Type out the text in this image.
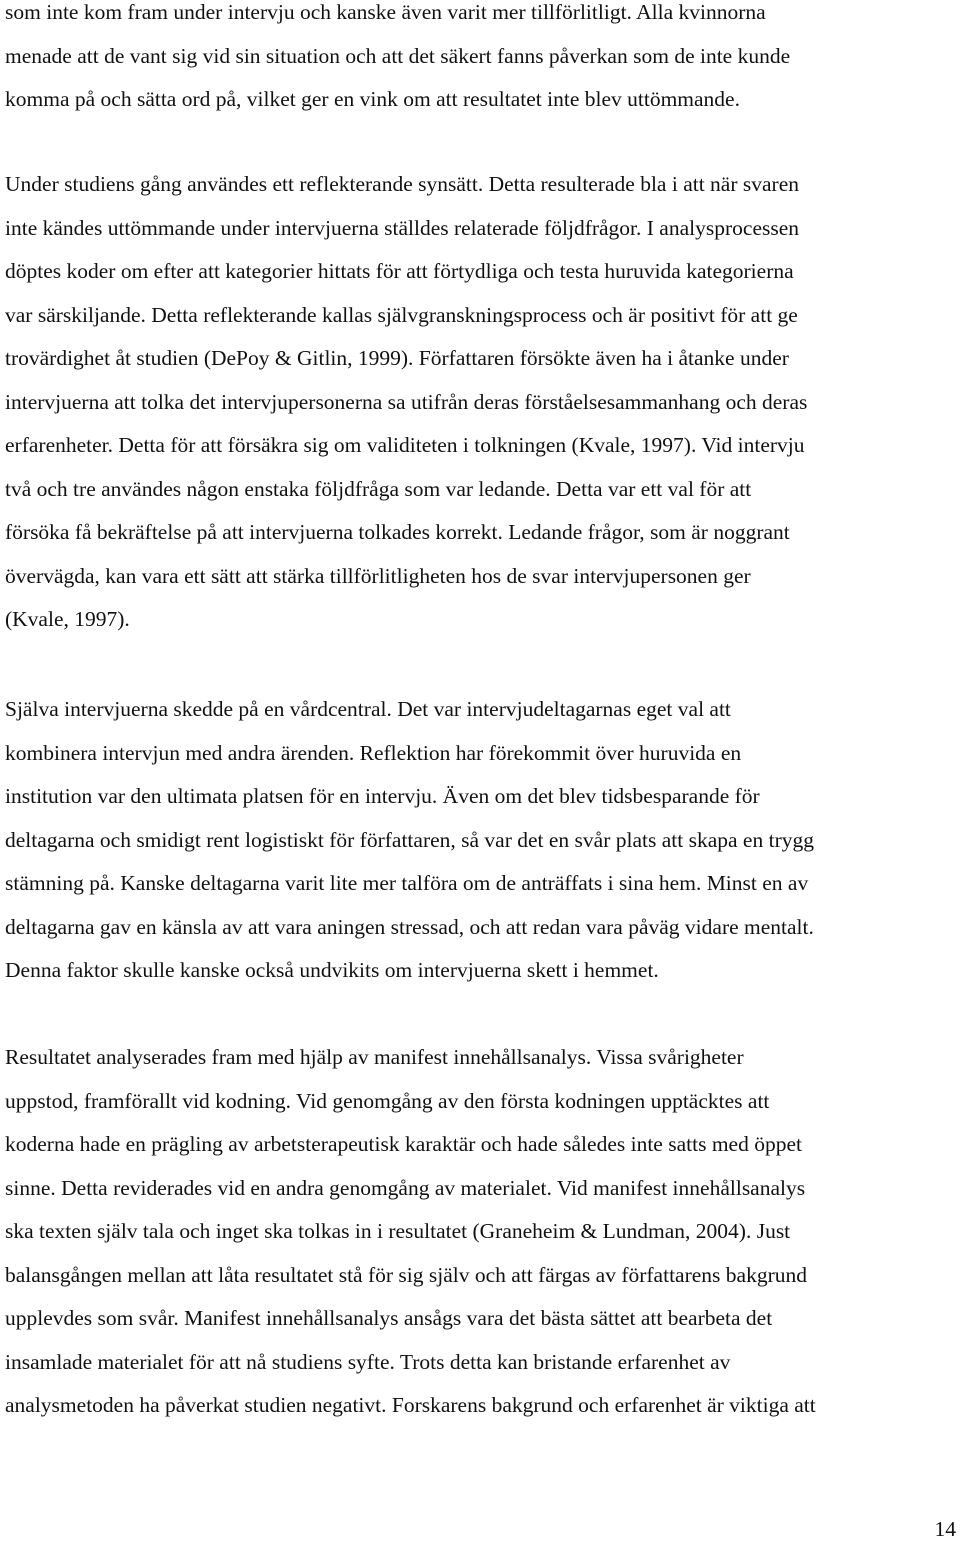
som inte kom fram under intervju och kanske även varit mer tillförlitligt. Alla kvinnorna
menade att de vant sig vid sin situation och att det säkert fanns påverkan som de inte kunde
komma på och sätta ord på, vilket ger en vink om att resultatet inte blev uttömmande.
Under studiens gång användes ett reflekterande synsätt. Detta resulterade bla i att när svaren
inte kändes uttömmande under intervjuerna ställdes relaterade följdfrågor. I analysprocessen
döptes koder om efter att kategorier hittats för att förtydliga och testa huruvida kategorierna
var särskiljande. Detta reflekterande kallas självgranskningsprocess och är positivt för att ge
trovärdighet åt studien (DePoy & Gitlin, 1999). Författaren försökte även ha i åtanke under
intervjuerna att tolka det intervjupersonerna sa utifrån deras förståelsesammanhang och deras
erfarenheter. Detta för att försäkra sig om validiteten i tolkningen (Kvale, 1997). Vid intervju
två och tre användes någon enstaka följdfråga som var ledande. Detta var ett val för att
försöka få bekräftelse på att intervjuerna tolkades korrekt. Ledande frågor, som är noggrant
övervägda, kan vara ett sätt att stärka tillförlitligheten hos de svar intervjupersonen ger
(Kvale, 1997).
Själva intervjuerna skedde på en vårdcentral. Det var intervjudeltagarnas eget val att
kombinera intervjun med andra ärenden. Reflektion har förekommit över huruvida en
institution var den ultimata platsen för en intervju. Även om det blev tidsbesparande för
deltagarna och smidigt rent logistiskt för författaren, så var det en svår plats att skapa en trygg
stämning på. Kanske deltagarna varit lite mer talföra om de anträffats i sina hem. Minst en av
deltagarna gav en känsla av att vara aningen stressad, och att redan vara påväg vidare mentalt.
Denna faktor skulle kanske också undvikits om intervjuerna skett i hemmet.
Resultatet analyserades fram med hjälp av manifest innehållsanalys. Vissa svårigheter
uppstod, framförallt vid kodning. Vid genomgång av den första kodningen upptäcktes att
koderna hade en prägling av arbetsterapeutisk karaktär och hade således inte satts med öppet
sinne. Detta reviderades vid en andra genomgång av materialet. Vid manifest innehållsanalys
ska texten själv tala och inget ska tolkas in i resultatet (Graneheim & Lundman, 2004). Just
balansgången mellan att låta resultatet stå för sig själv och att färgas av författarens bakgrund
upplevdes som svår. Manifest innehållsanalys ansågs vara det bästa sättet att bearbeta det
insamlade materialet för att nå studiens syfte. Trots detta kan bristande erfarenhet av
analysmetoden ha påverkat studien negativt. Forskarens bakgrund och erfarenhet är viktiga att
14
